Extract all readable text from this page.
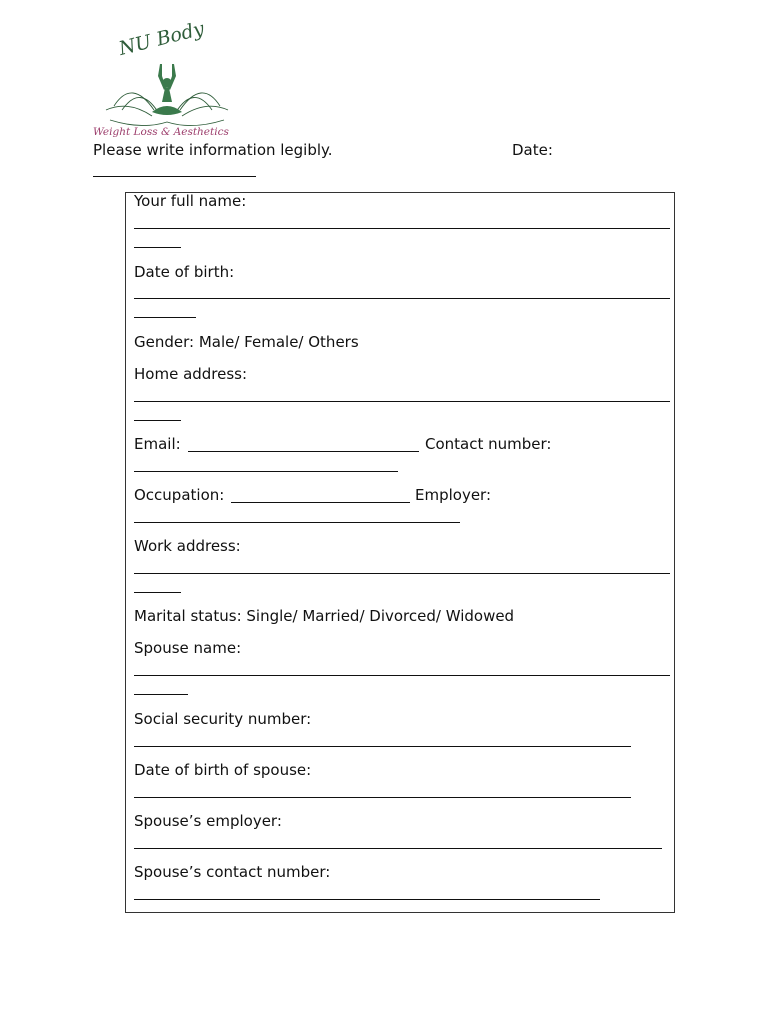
NU Body
Weight Loss & Aesthetics
Please write information legibly.	Date:
Your full name:
Date of birth:
Gender: Male/ Female/ Others
Home address:
Email:	Contact number:
Occupation:	Employer:
Work address:
Marital status: Single/ Married/ Divorced/ Widowed
Spouse name:
Social security number:
Date of birth of spouse:
Spouse’s employer:
Spouse’s contact number:
